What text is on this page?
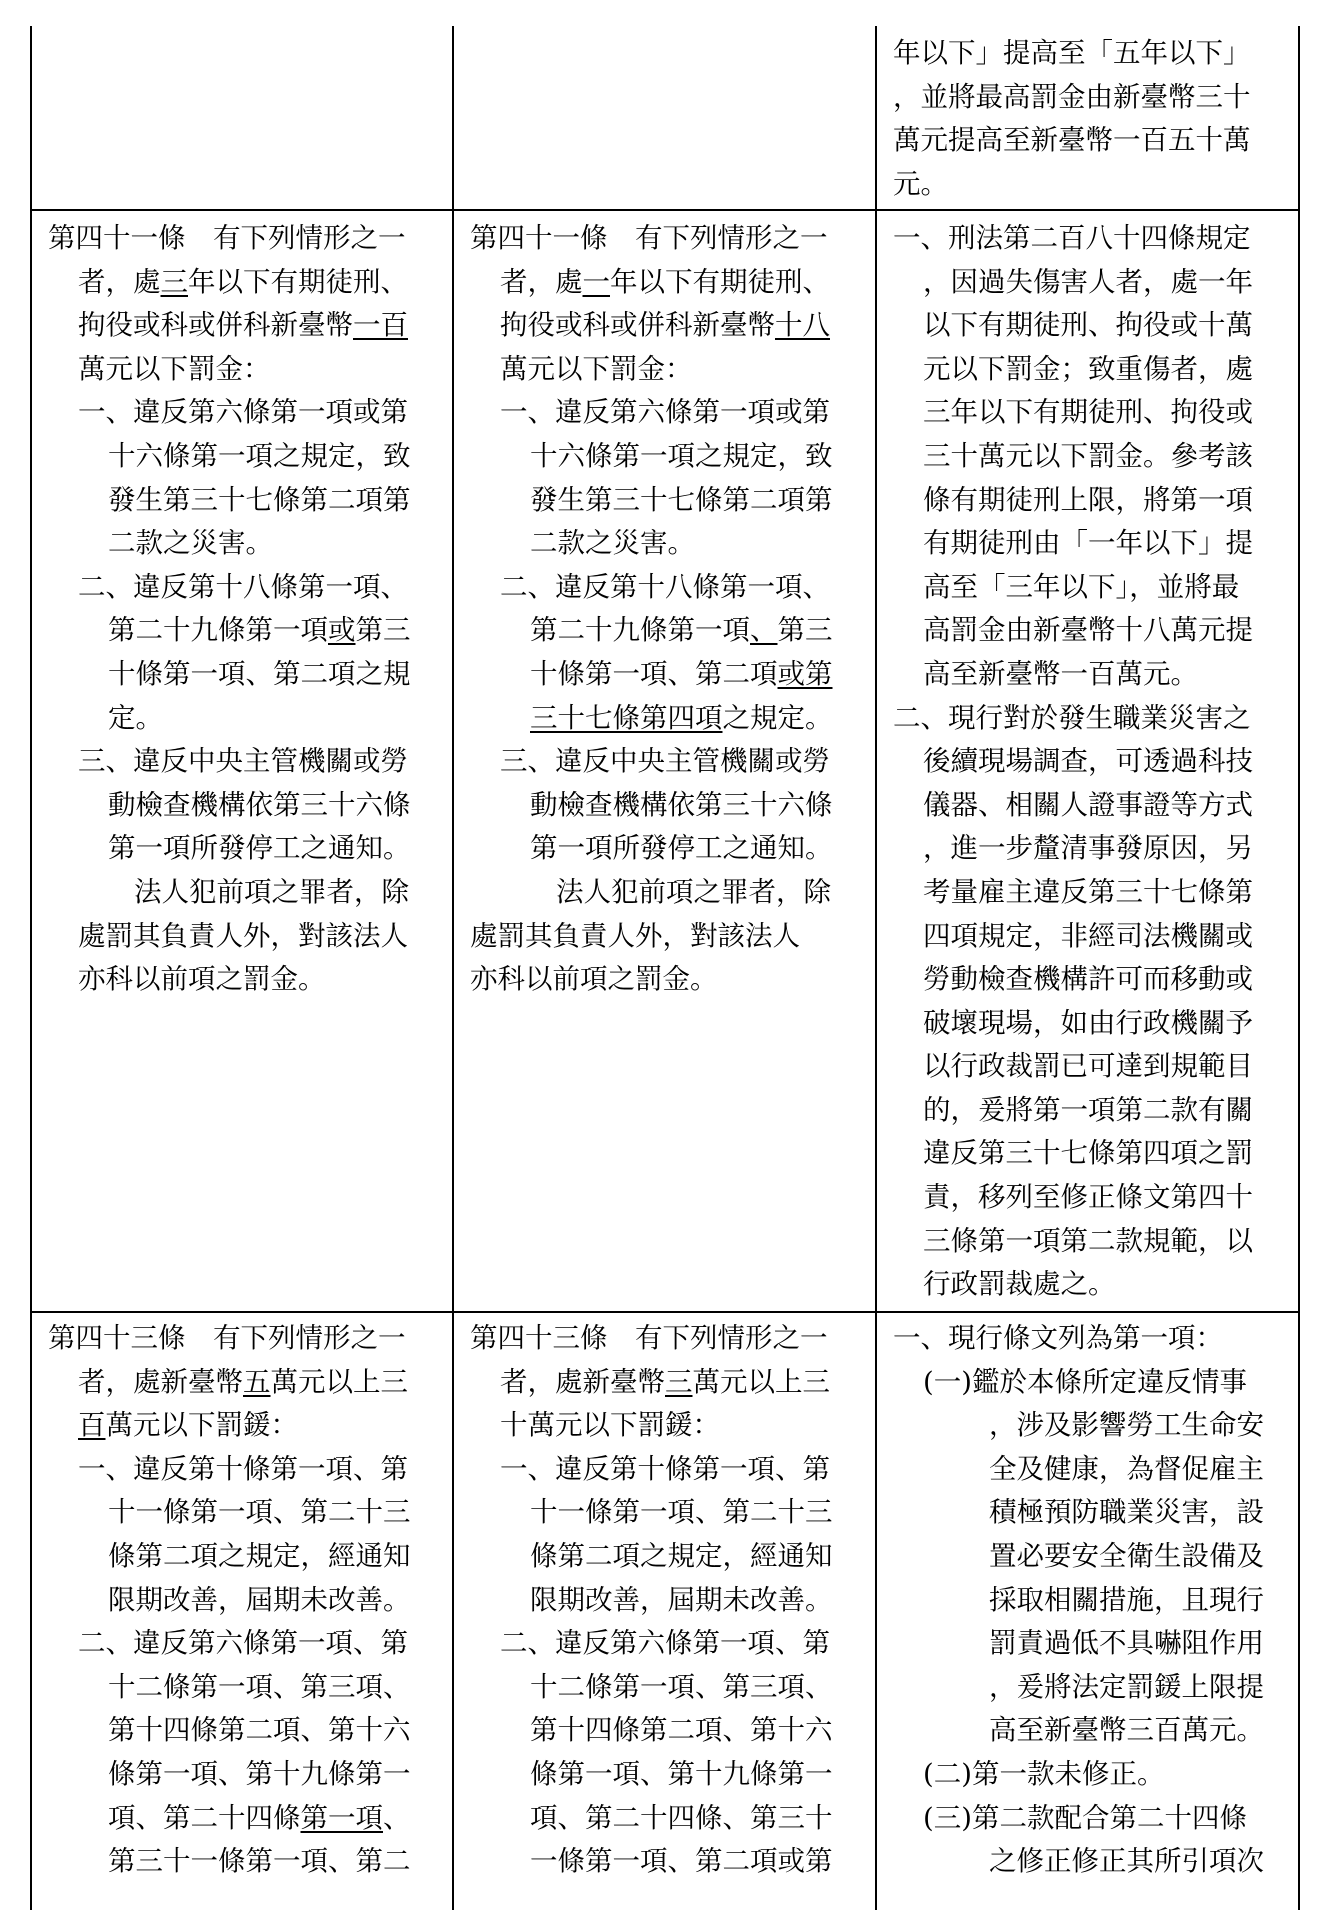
年以下」提高至「五年以下」
，並將最高罰金由新臺幣三十
萬元提高至新臺幣一百五十萬
元。
第四十一條　有下列情形之一
者，處三年以下有期徒刑、
拘役或科或併科新臺幣一百
萬元以下罰金：
一、違反第六條第一項或第
十六條第一項之規定，致
發生第三十七條第二項第
二款之災害。
二、違反第十八條第一項、
第二十九條第一項或第三
十條第一項、第二項之規
定。
三、違反中央主管機關或勞
動檢查機構依第三十六條
第一項所發停工之通知。
法人犯前項之罪者，除
處罰其負責人外，對該法人
亦科以前項之罰金。
第四十一條　有下列情形之一
者，處一年以下有期徒刑、
拘役或科或併科新臺幣十八
萬元以下罰金：
一、違反第六條第一項或第
十六條第一項之規定，致
發生第三十七條第二項第
二款之災害。
二、違反第十八條第一項、
第二十九條第一項、第三
十條第一項、第二項或第
三十七條第四項之規定。
三、違反中央主管機關或勞
動檢查機構依第三十六條
第一項所發停工之通知。
法人犯前項之罪者，除
處罰其負責人外，對該法人
亦科以前項之罰金。
一、刑法第二百八十四條規定
，因過失傷害人者，處一年
以下有期徒刑、拘役或十萬
元以下罰金；致重傷者，處
三年以下有期徒刑、拘役或
三十萬元以下罰金。參考該
條有期徒刑上限，將第一項
有期徒刑由「一年以下」提
高至「三年以下」，並將最
高罰金由新臺幣十八萬元提
高至新臺幣一百萬元。
二、現行對於發生職業災害之
後續現場調查，可透過科技
儀器、相關人證事證等方式
，進一步釐清事發原因，另
考量雇主違反第三十七條第
四項規定，非經司法機關或
勞動檢查機構許可而移動或
破壞現場，如由行政機關予
以行政裁罰已可達到規範目
的，爰將第一項第二款有關
違反第三十七條第四項之罰
責，移列至修正條文第四十
三條第一項第二款規範，以
行政罰裁處之。
第四十三條　有下列情形之一
者，處新臺幣五萬元以上三
百萬元以下罰鍰：
一、違反第十條第一項、第
十一條第一項、第二十三
條第二項之規定，經通知
限期改善，屆期未改善。
二、違反第六條第一項、第
十二條第一項、第三項、
第十四條第二項、第十六
條第一項、第十九條第一
項、第二十四條第一項、
第三十一條第一項、第二
第四十三條　有下列情形之一
者，處新臺幣三萬元以上三
十萬元以下罰鍰：
一、違反第十條第一項、第
十一條第一項、第二十三
條第二項之規定，經通知
限期改善，屆期未改善。
二、違反第六條第一項、第
十二條第一項、第三項、
第十四條第二項、第十六
條第一項、第十九條第一
項、第二十四條、第三十
一條第一項、第二項或第
一、現行條文列為第一項：
(一)鑑於本條所定違反情事
，涉及影響勞工生命安
全及健康，為督促雇主
積極預防職業災害，設
置必要安全衛生設備及
採取相關措施，且現行
罰責過低不具嚇阻作用
，爰將法定罰鍰上限提
高至新臺幣三百萬元。
(二)第一款未修正。
(三)第二款配合第二十四條
之修正修正其所引項次
